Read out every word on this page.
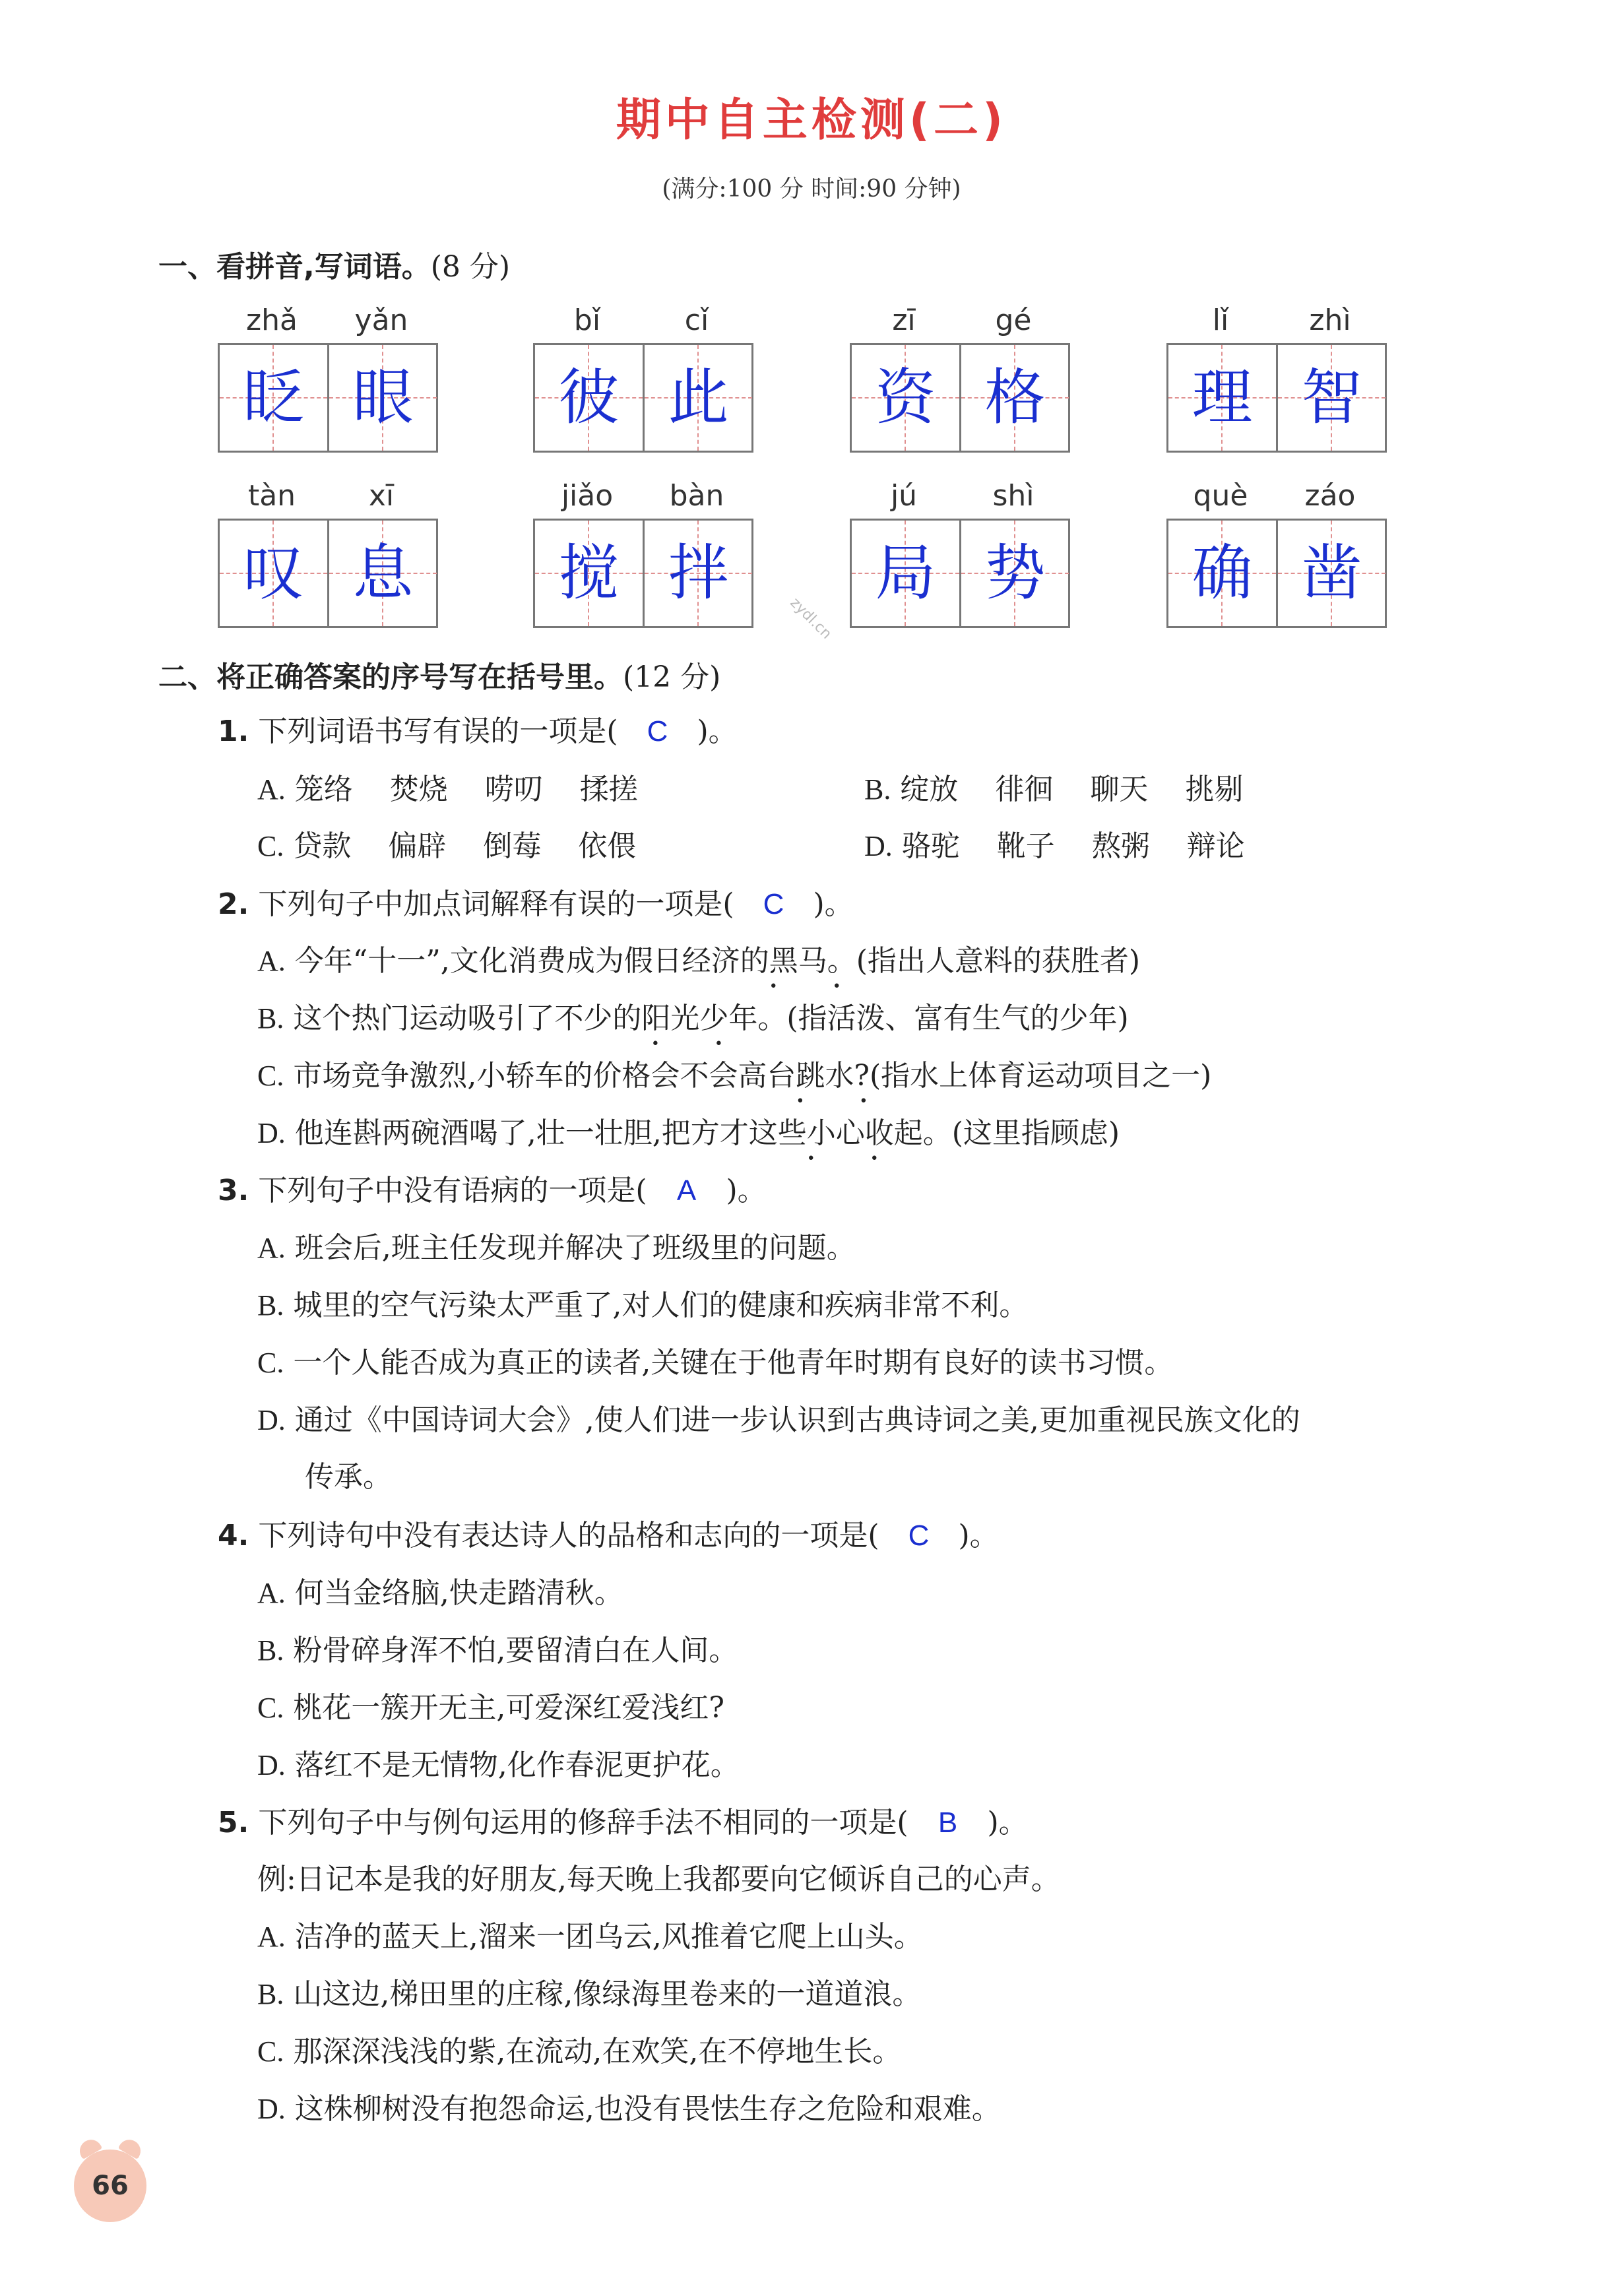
期中自主检测(二)
(满分:100 分 时间:90 分钟)
一、看拼音,写词语。(8 分)
zhǎ	yǎn
眨 眼
bǐ	cǐ
彼 此
zī	gé
资 格
lǐ	zhì
理 智
tàn	xī
叹 息
jiǎo	bàn
搅 拌
jú	shì
局 势
què	záo
确 凿
zydl.cn
二、将正确答案的序号写在括号里。(12 分)
1. 下列词语书写有误的一项是( C )。
A. 笼络 焚烧 唠叨 揉搓	B. 绽放 徘徊 聊天 挑剔
C. 贷款 偏辟 倒莓 依偎	D. 骆驼 靴子 熬粥 辩论
2. 下列句子中加点词解释有误的一项是( C )。
A. 今年“十一”,文化消费成为假日经济的黑马 • •。(指出人意料的获胜者)
B. 这个热门运动吸引了不少的阳光少年 • •。(指活泼、富有生气的少年)
C. 市场竞争激烈,小轿车的价格会不会高台跳水 • •?(指水上体育运动项目之一)
D. 他连斟两碗酒喝了,壮一壮胆,把方才这些小心 • •收起。(这里指顾虑)
3. 下列句子中没有语病的一项是( A )。
A. 班会后,班主任发现并解决了班级里的问题。
B. 城里的空气污染太严重了,对人们的健康和疾病非常不利。
C. 一个人能否成为真正的读者,关键在于他青年时期有良好的读书习惯。
D. 通过《中国诗词大会》,使人们进一步认识到古典诗词之美,更加重视民族文化的
传承。
4. 下列诗句中没有表达诗人的品格和志向的一项是( C )。
A. 何当金络脑,快走踏清秋。
B. 粉骨碎身浑不怕,要留清白在人间。
C. 桃花一簇开无主,可爱深红爱浅红?
D. 落红不是无情物,化作春泥更护花。
5. 下列句子中与例句运用的修辞手法不相同的一项是( B )。
例:日记本是我的好朋友,每天晚上我都要向它倾诉自己的心声。
A. 洁净的蓝天上,溜来一团乌云,风推着它爬上山头。
B. 山这边,梯田里的庄稼,像绿海里卷来的一道道浪。
C. 那深深浅浅的紫,在流动,在欢笑,在不停地生长。
D. 这株柳树没有抱怨命运,也没有畏怯生存之危险和艰难。
66
